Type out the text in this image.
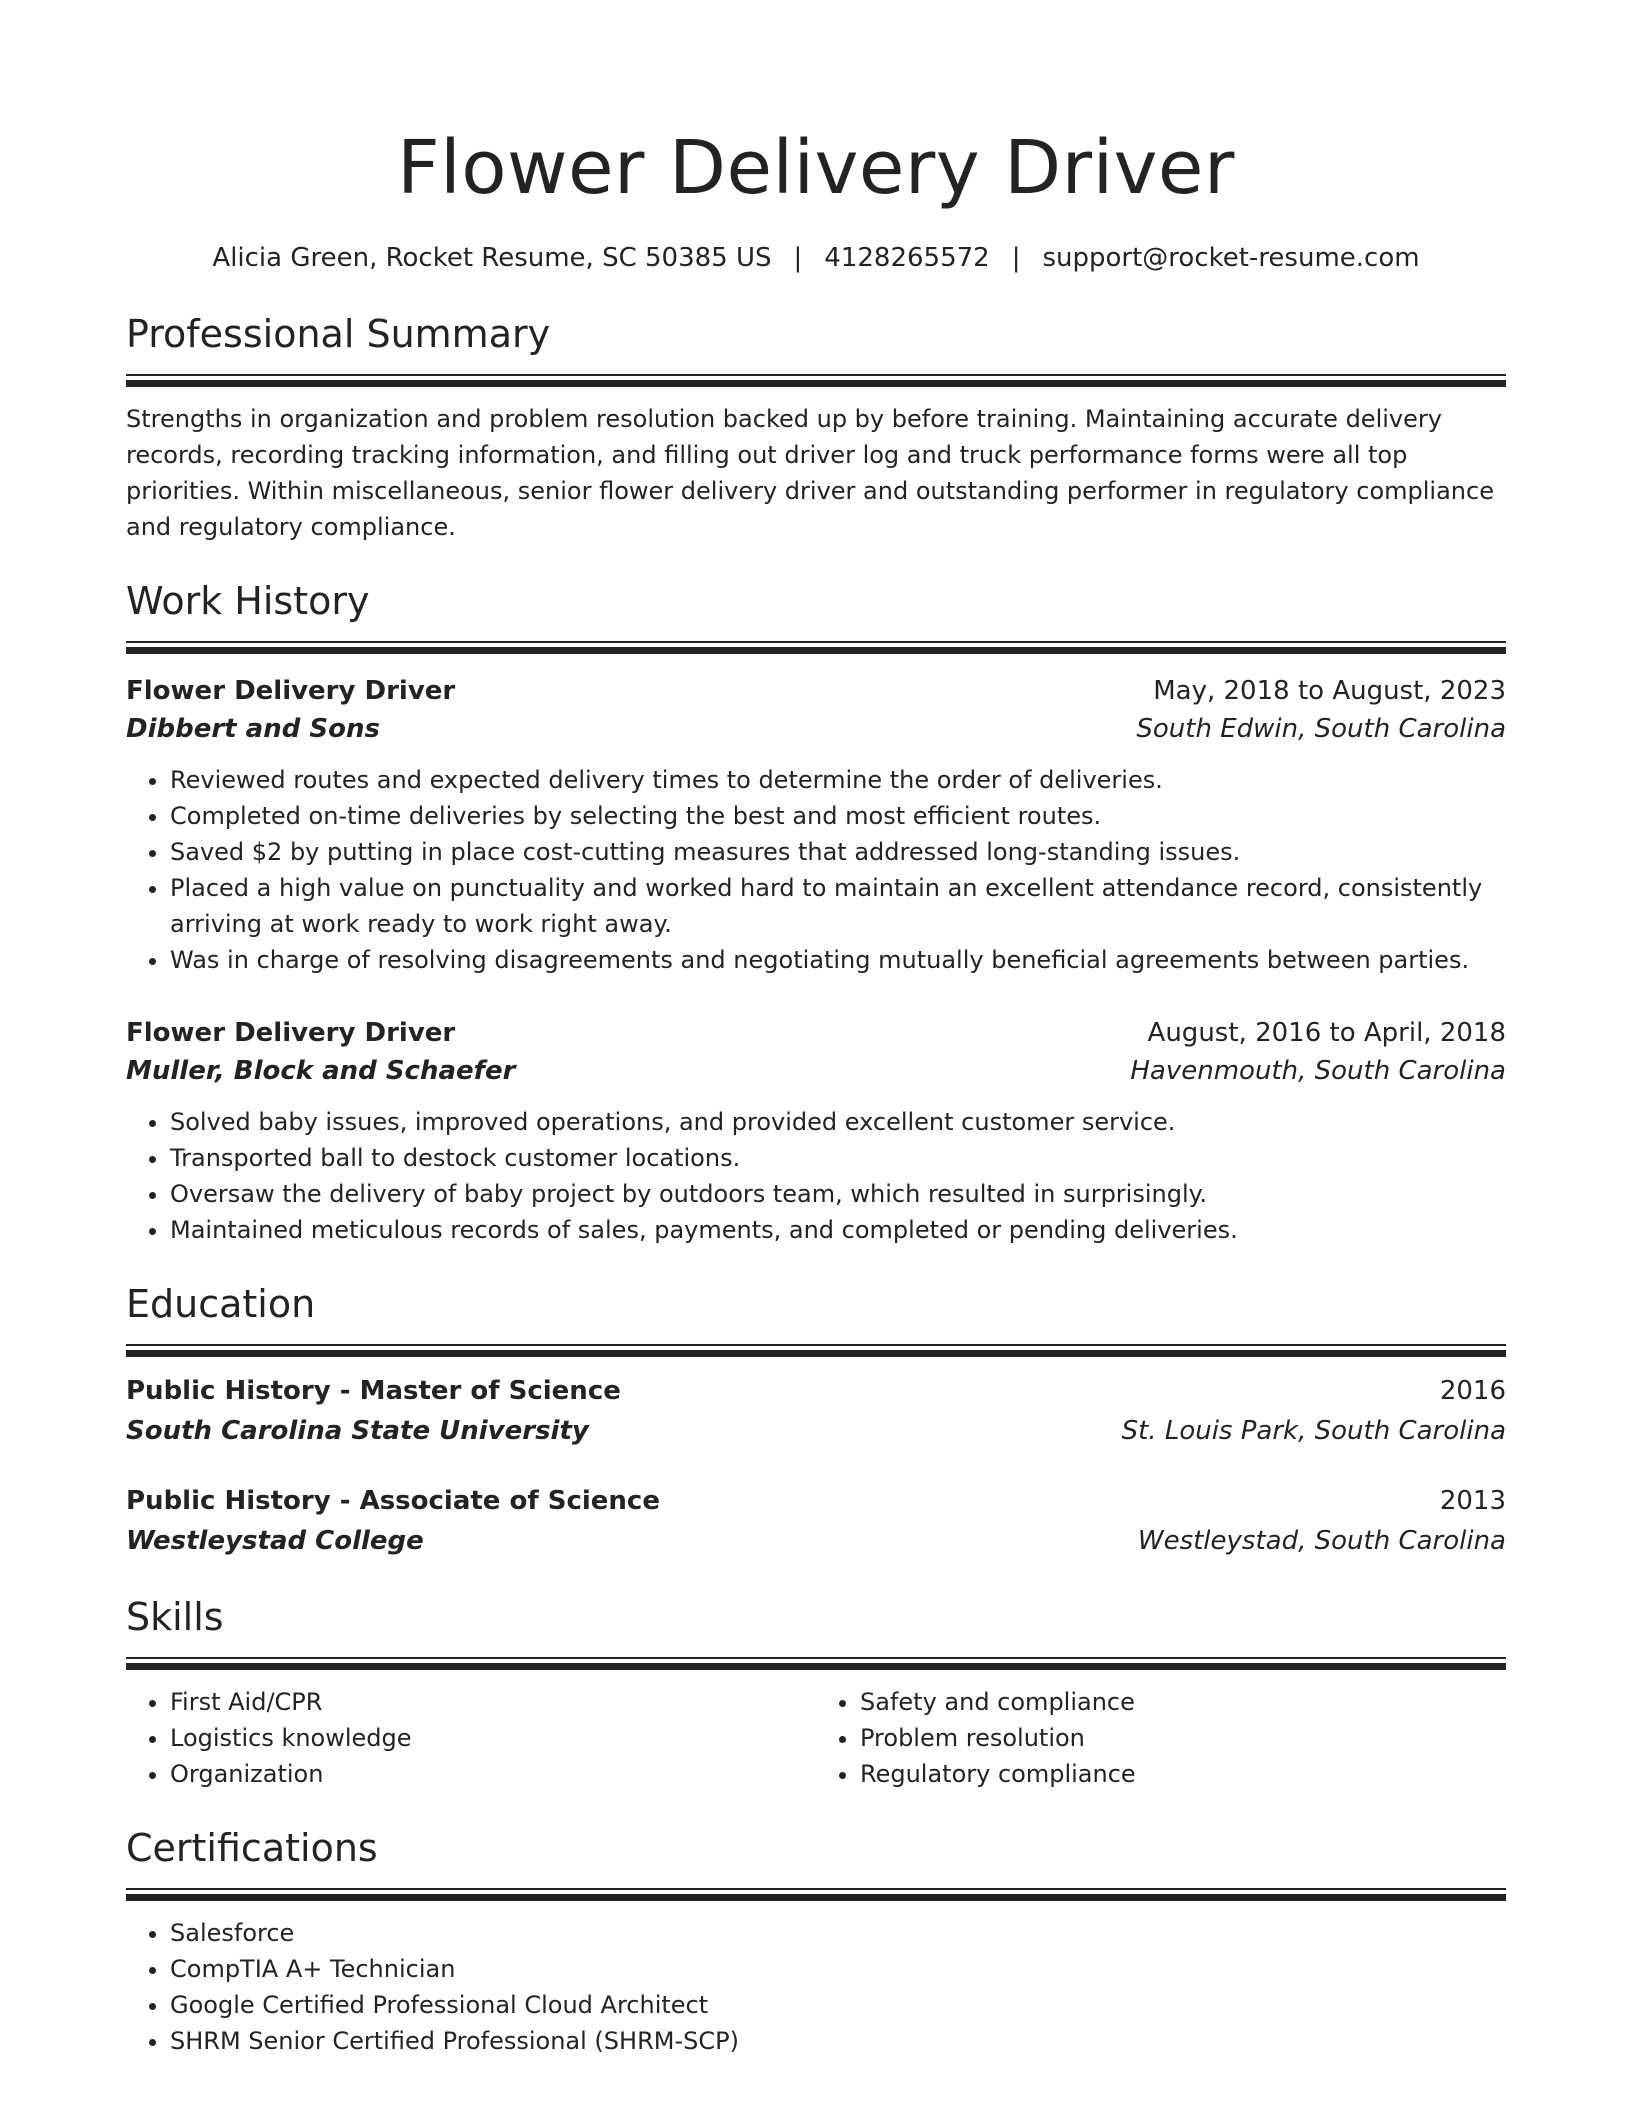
Flower Delivery Driver
Alicia Green, Rocket Resume, SC 50385 US | 4128265572 | support@rocket-resume.com
Professional Summary
Strengths in organization and problem resolution backed up by before training. Maintaining accurate delivery records, recording tracking information, and filling out driver log and truck performance forms were all top priorities. Within miscellaneous, senior flower delivery driver and outstanding performer in regulatory compliance and regulatory compliance.
Work History
Flower Delivery Driver	May, 2018 to August, 2023
Dibbert and Sons	South Edwin, South Carolina
• Reviewed routes and expected delivery times to determine the order of deliveries.
• Completed on-time deliveries by selecting the best and most efficient routes.
• Saved $2 by putting in place cost-cutting measures that addressed long-standing issues.
• Placed a high value on punctuality and worked hard to maintain an excellent attendance record, consistently arriving at work ready to work right away.
• Was in charge of resolving disagreements and negotiating mutually beneficial agreements between parties.
Flower Delivery Driver	August, 2016 to April, 2018
Muller, Block and Schaefer	Havenmouth, South Carolina
• Solved baby issues, improved operations, and provided excellent customer service.
• Transported ball to destock customer locations.
• Oversaw the delivery of baby project by outdoors team, which resulted in surprisingly.
• Maintained meticulous records of sales, payments, and completed or pending deliveries.
Education
Public History - Master of Science	2016
South Carolina State University	St. Louis Park, South Carolina
Public History - Associate of Science	2013
Westleystad College	Westleystad, South Carolina
Skills
• First Aid/CPR
• Logistics knowledge
• Organization
• Safety and compliance
• Problem resolution
• Regulatory compliance
Certifications
• Salesforce
• CompTIA A+ Technician
• Google Certified Professional Cloud Architect
• SHRM Senior Certified Professional (SHRM-SCP)
